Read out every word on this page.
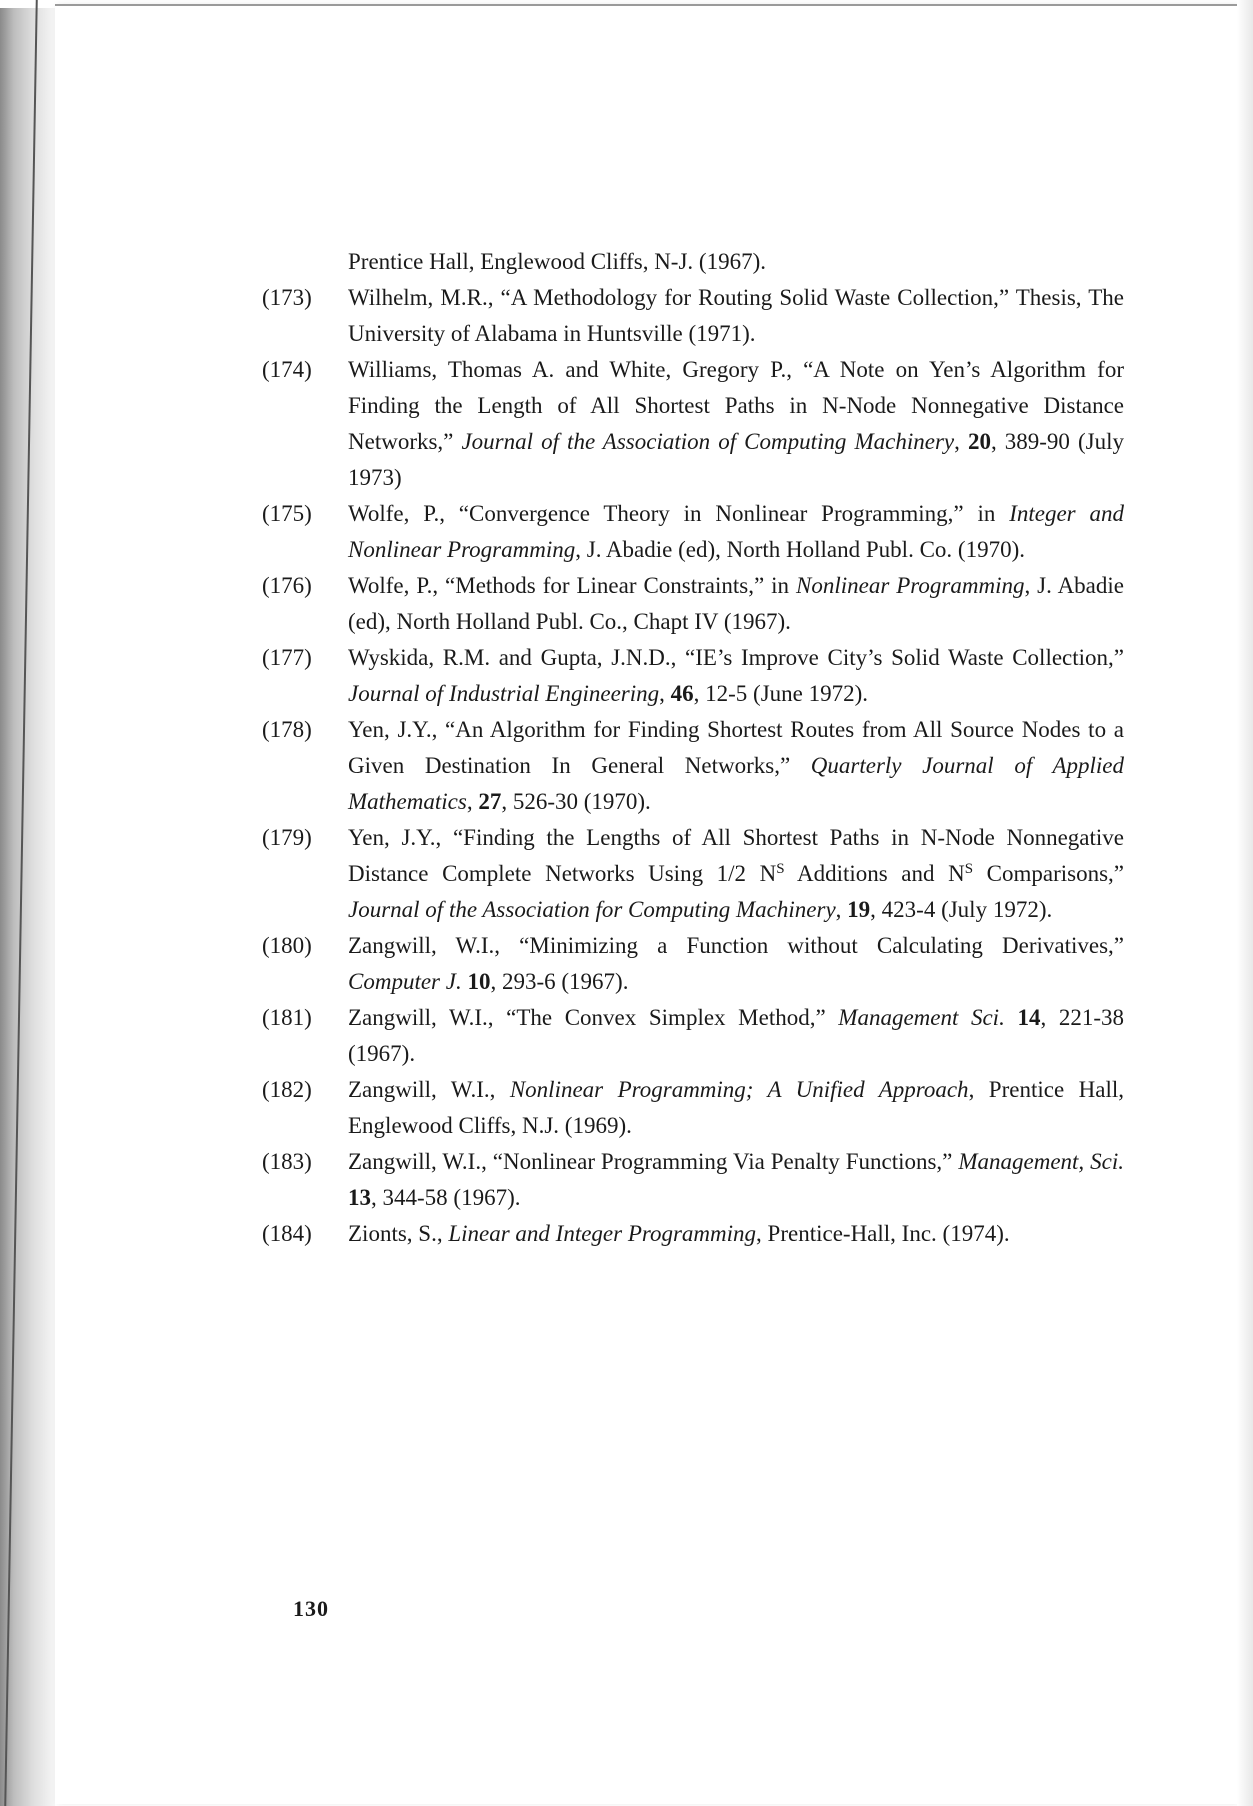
Prentice Hall, Englewood Cliffs, N-J. (1967).
(173)	Wilhelm, M.R., “A Methodology for Routing Solid Waste Collection,” Thesis, The University of Alabama in Huntsville (1971).
(174)	Williams, Thomas A. and White, Gregory P., “A Note on Yen’s Algorithm for Finding the Length of All Shortest Paths in N-Node Nonnegative Distance Networks,” Journal of the Association of Computing Machinery, 20, 389-90 (July 1973)
(175)	Wolfe, P., “Convergence Theory in Nonlinear Programming,” in Integer and Nonlinear Programming, J. Abadie (ed), North Holland Publ. Co. (1970).
(176)	Wolfe, P., “Methods for Linear Constraints,” in Nonlinear Programming, J. Abadie (ed), North Holland Publ. Co., Chapt IV (1967).
(177)	Wyskida, R.M. and Gupta, J.N.D., “IE’s Improve City’s Solid Waste Collection,” Journal of Industrial Engineering, 46, 12-5 (June 1972).
(178)	Yen, J.Y., “An Algorithm for Finding Shortest Routes from All Source Nodes to a Given Destination In General Networks,” Quarterly Journal of Applied Mathematics, 27, 526-30 (1970).
(179)	Yen, J.Y., “Finding the Lengths of All Shortest Paths in N-Node Nonnegative Distance Complete Networks Using 1/2 $N^S$ Additions and $N^S$ Comparisons,” Journal of the Association for Computing Machinery, 19, 423-4 (July 1972).
(180)	Zangwill, W.I., “Minimizing a Function without Calculating Derivatives,” Computer J. 10, 293-6 (1967).
(181)	Zangwill, W.I., “The Convex Simplex Method,” Management Sci. 14, 221-38 (1967).
(182)	Zangwill, W.I., Nonlinear Programming; A Unified Approach, Prentice Hall, Englewood Cliffs, N.J. (1969).
(183)	Zangwill, W.I., “Nonlinear Programming Via Penalty Functions,” Management, Sci. 13, 344-58 (1967).
(184)	Zionts, S., Linear and Integer Programming, Prentice-Hall, Inc. (1974).
130
